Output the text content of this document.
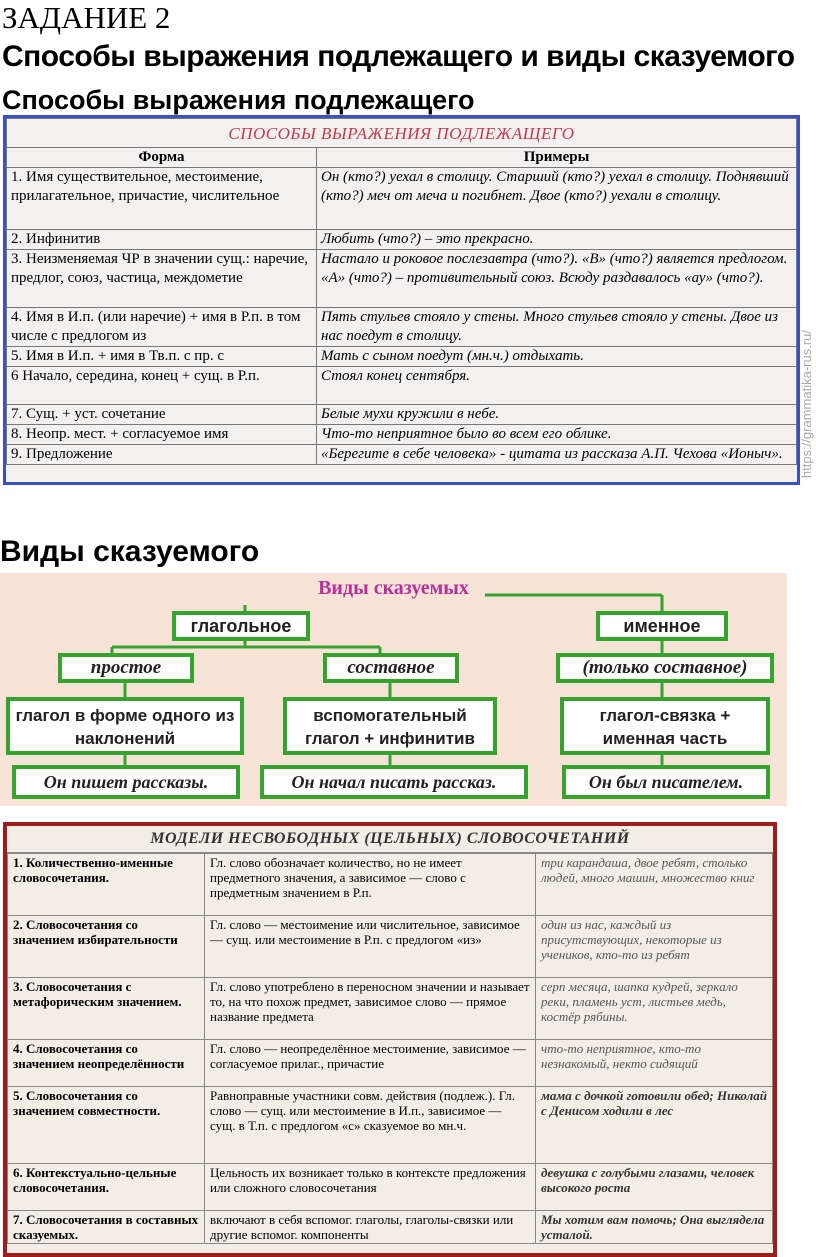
ЗАДАНИЕ 2
Способы выражения подлежащего и виды сказуемого
Способы выражения подлежащего
СПОСОБЫ ВЫРАЖЕНИЯ ПОДЛЕЖАЩЕГО	
Форма	Примеры
1. Имя существительное, местоимение, прилагательное, причастие, числительное	Он (кто?) уехал в столицу. Старший (кто?) уехал в столицу. Поднявший (кто?) меч от меча и погибнет. Двое (кто?) уехали в столицу.
2. Инфинитив	Любить (что?) – это прекрасно.
3. Неизменяемая ЧР в значении сущ.: наречие, предлог, союз, частица, междометие	Настало и роковое послезавтра (что?). «В» (что?) является предлогом. «А» (что?) – противительный союз. Всюду раздавалось «ау» (что?).
4. Имя в И.п. (или наречие) + имя в Р.п. в том числе с предлогом из	Пять стульев стояло у стены. Много стульев стояло у стены. Двое из нас поедут в столицу.
5. Имя в И.п. + имя в Тв.п. с пр. с	Мать с сыном поедут (мн.ч.) отдыхать.
6 Начало, середина, конец + сущ. в Р.п.	Стоял конец сентября.
7. Сущ. + уст. сочетание	Белые мухи кружили в небе.
8. Неопр. мест. + согласуемое имя	Что-то неприятное было во всем его облике.
9. Предложение	«Берегите в себе человека» - цитата из рассказа А.П. Чехова «Ионыч». https://grammatika-rus.ru/
Виды сказуемого
Виды сказуемых
глагольное	именное
простое	составное	(только составное)
глагол в форме одного из наклонений
вспомогательный глагол + инфинитив
глагол-связка + именная часть
Он пишет рассказы.	Он начал писать рассказ.	Он был писателем.
МОДЕЛИ НЕСВОБОДНЫХ (ЦЕЛЬНЫХ) СЛОВОСОЧЕТАНИЙ
1. Количественно-именные словосочетания.	Гл. слово обозначает количество, но не имеет предметного значения, а зависимое — слово с предметным значением в Р.п.	три карандаша, двое ребят, столько людей, много машин, множество книг
2. Словосочетания со значением избирательности	Гл. слово — местоимение или числительное, зависимое — сущ. или местоимение в Р.п. с предлогом «из»	один из нас, каждый из присутствующих, некоторые из учеников, кто-то из ребят
3. Словосочетания с метафорическим значением.	Гл. слово употреблено в переносном значении и называет то, на что похож предмет, зависимое слово — прямое название предмета	серп месяца, шапка кудрей, зеркало реки, пламень уст, листьев медь, костёр рябины.
4. Словосочетания со значением неопределённости	Гл. слово — неопределённое местоимение, зависимое — согласуемое прилаг., причастие	что-то неприятное, кто-то незнакомый, некто сидящий
5. Словосочетания со значением совместности.	Равноправные участники совм. действия (подлеж.). Гл. слово — сущ. или местоимение в И.п., зависимое — сущ. в Т.п. с предлогом «с» сказуемое во мн.ч.	мама с дочкой готовили обед; Николай с Денисом ходили в лес
6. Контекстуально-цельные словосочетания.	Цельность их возникает только в контексте предложения или сложного словосочетания	девушка с голубыми глазами, человек высокого роста
7. Словосочетания в составных сказуемых.	включают в себя вспомог. глаголы, глаголы-связки или другие вспомог. компоненты	Мы хотим вам помочь; Она выглядела усталой.
